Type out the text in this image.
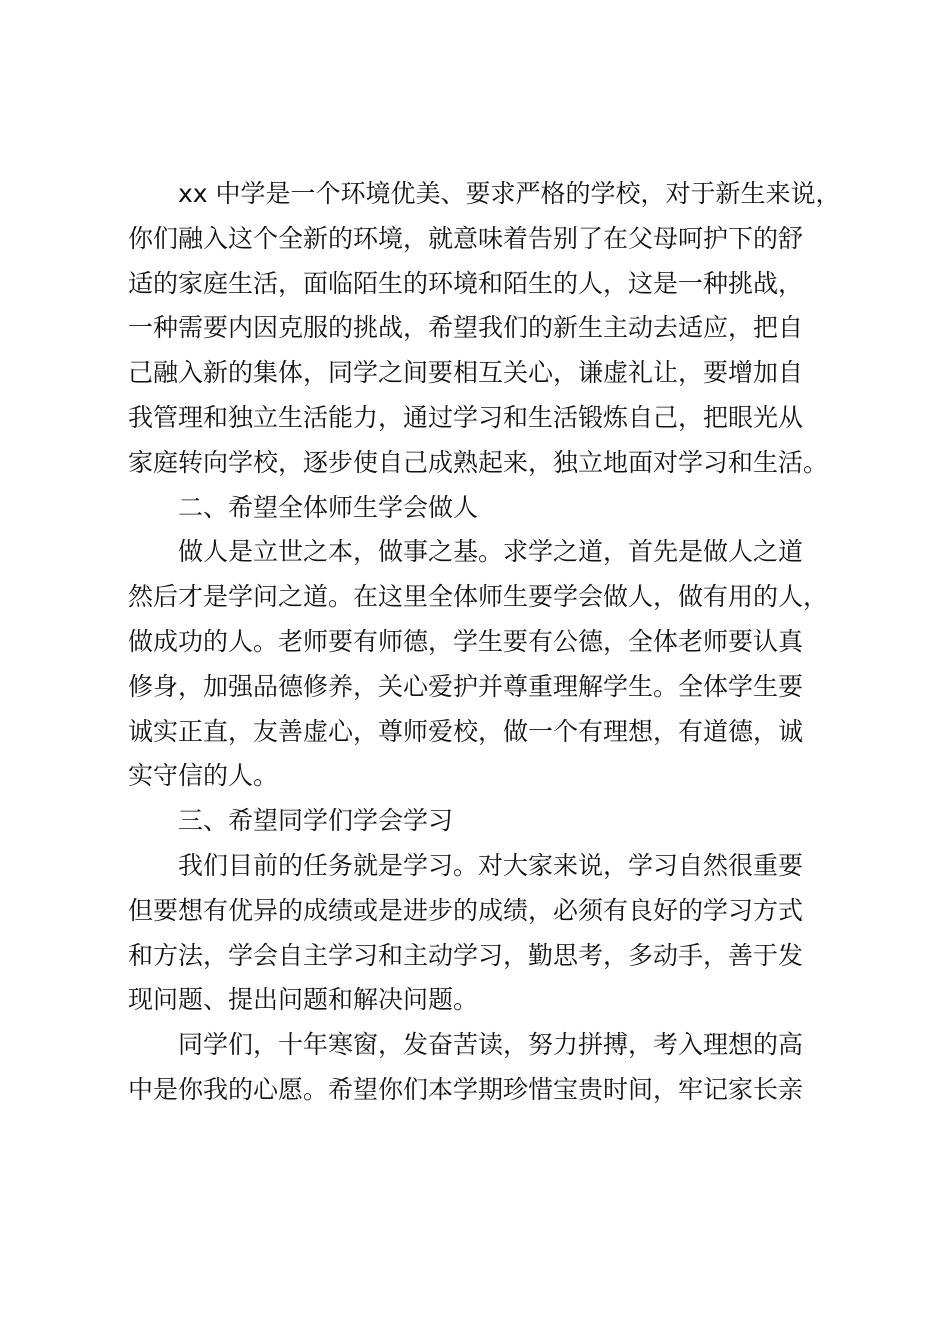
xx 中学是一个环境优美、要求严格的学校，对于新生来说，
你们融入这个全新的环境，就意味着告别了在父母呵护下的舒
适的家庭生活，面临陌生的环境和陌生的人，这是一种挑战，
一种需要内因克服的挑战，希望我们的新生主动去适应，把自
己融入新的集体，同学之间要相互关心，谦虚礼让，要增加自
我管理和独立生活能力，通过学习和生活锻炼自己，把眼光从
家庭转向学校，逐步使自己成熟起来，独立地面对学习和生活。
二、希望全体师生学会做人
做人是立世之本，做事之基。求学之道，首先是做人之道
然后才是学问之道。在这里全体师生要学会做人，做有用的人，
做成功的人。老师要有师德，学生要有公德，全体老师要认真
修身，加强品德修养，关心爱护并尊重理解学生。全体学生要
诚实正直，友善虚心，尊师爱校，做一个有理想，有道德，诚
实守信的人。
三、希望同学们学会学习
我们目前的任务就是学习。对大家来说，学习自然很重要
但要想有优异的成绩或是进步的成绩，必须有良好的学习方式
和方法，学会自主学习和主动学习，勤思考，多动手，善于发
现问题、提出问题和解决问题。
同学们，十年寒窗，发奋苦读，努力拼搏，考入理想的高
中是你我的心愿。希望你们本学期珍惜宝贵时间，牢记家长亲
